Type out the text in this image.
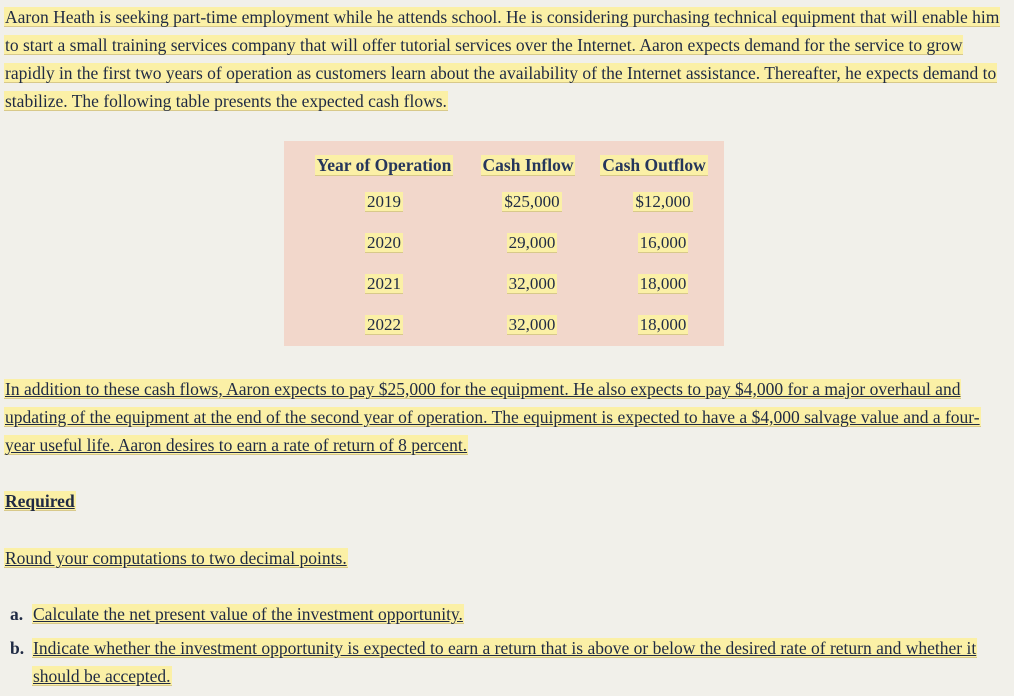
Aaron Heath is seeking part-time employment while he attends school. He is considering purchasing technical equipment that will enable him to start a small training services company that will offer tutorial services over the Internet. Aaron expects demand for the service to grow rapidly in the first two years of operation as customers learn about the availability of the Internet assistance. Thereafter, he expects demand to stabilize. The following table presents the expected cash flows.

Year of Operation	Cash Inflow	Cash Outflow
2019	$25,000	$12,000
2020	29,000	16,000
2021	32,000	18,000
2022	32,000	18,000

In addition to these cash flows, Aaron expects to pay $25,000 for the equipment. He also expects to pay $4,000 for a major overhaul and updating of the equipment at the end of the second year of operation. The equipment is expected to have a $4,000 salvage value and a four-year useful life. Aaron desires to earn a rate of return of 8 percent.

Required

Round your computations to two decimal points.

a. Calculate the net present value of the investment opportunity.
b. Indicate whether the investment opportunity is expected to earn a return that is above or below the desired rate of return and whether it should be accepted.
